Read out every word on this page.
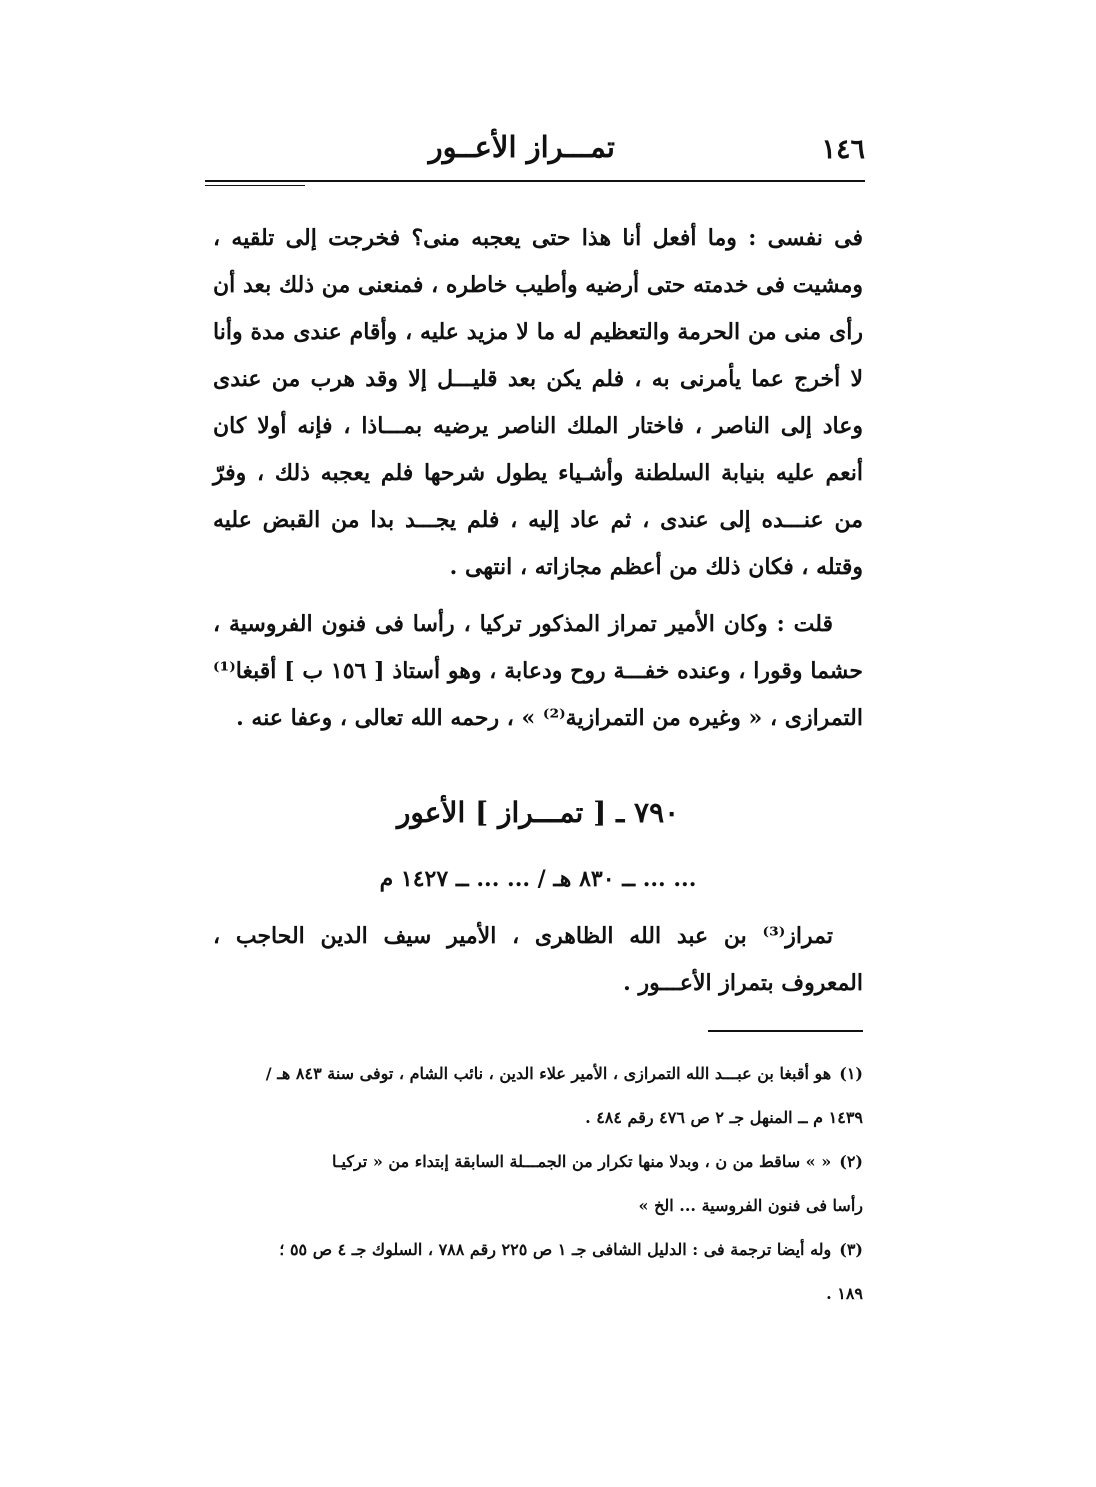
١٤٦
تمـــراز الأعــور
فى نفسى : وما أفعل أنا هذا حتى يعجبه منى؟ فخرجت إلى تلقيه ، ومشيت فى خدمته حتى أرضيه وأطيب خاطره ، فمنعنى من ذلك بعد أن رأى منى من الحرمة والتعظيم له ما لا مزيد عليه ، وأقام عندى مدة وأنا لا أخرج عما يأمرنى به ، فلم يكن بعد قليـــل إلا وقد هرب من عندى وعاد إلى الناصر ، فاختار الملك الناصر يرضيه بمـــاذا ، فإنه أولا كان أنعم عليه بنيابة السلطنة وأشـياء يطول شرحها فلم يعجبه ذلك ، وفرّ من عنـــده إلى عندى ، ثم عاد إليه ، فلم يجـــد بدا من القبض عليه وقتله ، فكان ذلك من أعظم مجازاته ، انتهى .
قلت : وكان الأمير تمراز المذكور تركيا ، رأسا فى فنون الفروسية ، حشما وقورا ، وعنده خفـــة روح ودعابة ، وهو أستاذ [ ١٥٦ ب ] أقبغا⁽¹⁾ التمرازى ، « وغيره من التمرازية⁽²⁾ » ، رحمه الله تعالى ، وعفا عنه .
٧٩٠ ـ [ تمـــراز ] الأعور
... ... ــ ٨٣٠ هـ / ... ... ــ ١٤٢٧ م
تمراز⁽³⁾ بن عبد الله الظاهرى ، الأمير سيف الدين الحاجب ، المعروف بتمراز الأعـــور .

(١)هو أقبغا بن عبـــد الله التمرازى ، الأمير علاء الدين ، نائب الشام ، توفى سنة ٨٤٣ هـ /

١٤٣٩ م ــ المنهل جـ ٢ ص ٤٧٦ رقم ٤٨٤ .

(٢)« » ساقط من ن ، وبدلا منها تكرار من الجمـــلة السابقة إبتداء من « تركيـا

رأسا فى فنون الفروسية ... الخ »

(٣)وله أيضا ترجمة فى : الدليل الشافى جـ ١ ص ٢٢٥ رقم ٧٨٨ ، السلوك جـ ٤ ص ٥٥ ؛

١٨٩ .
